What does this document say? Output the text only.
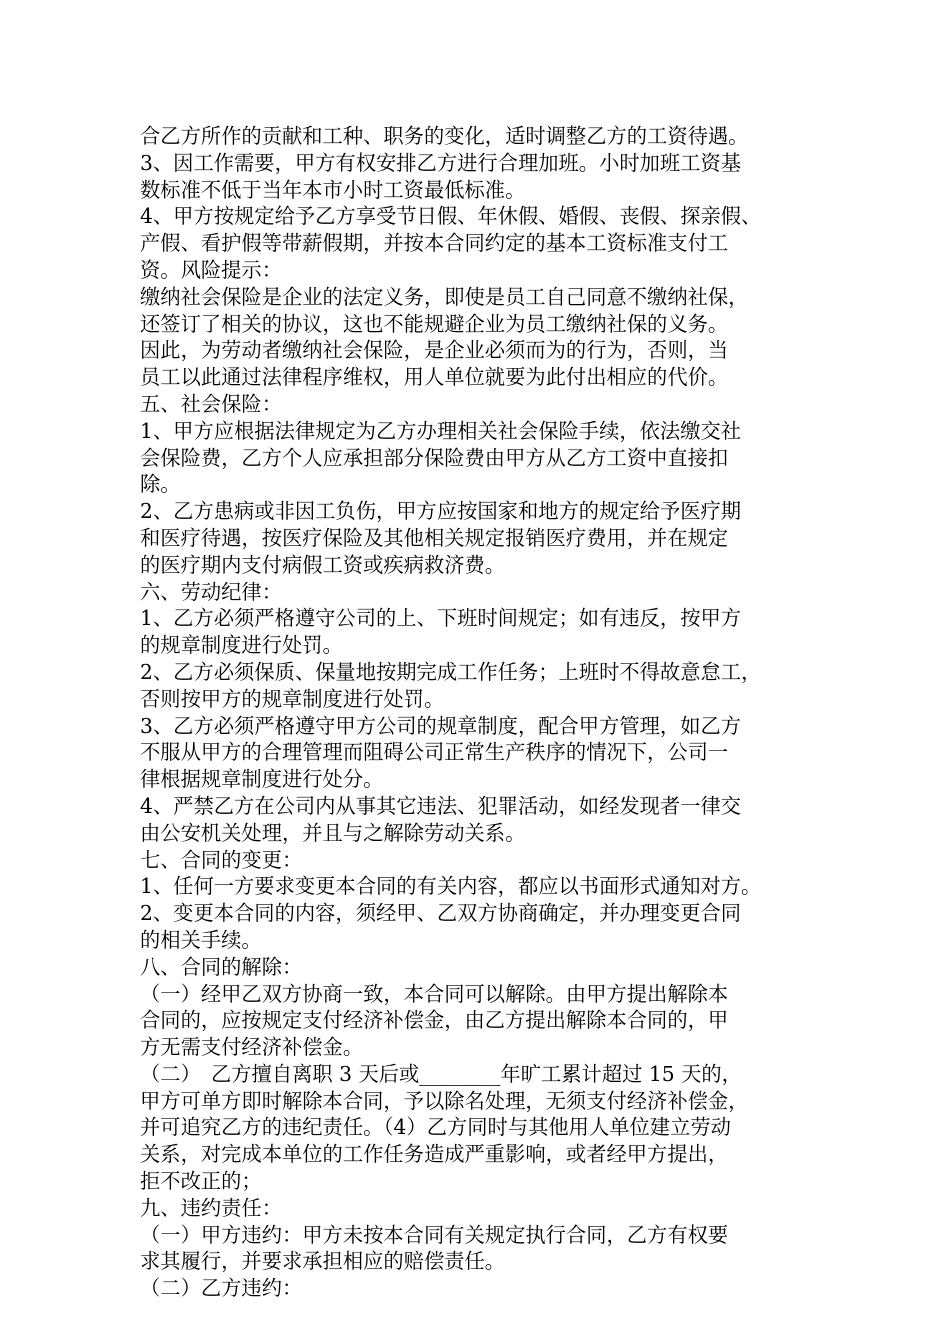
合乙方所作的贡献和工种、职务的变化，适时调整乙方的工资待遇。
3、因工作需要，甲方有权安排乙方进行合理加班。小时加班工资基
数标准不低于当年本市小时工资最低标准。
4、甲方按规定给予乙方享受节日假、年休假、婚假、丧假、探亲假、
产假、看护假等带薪假期，并按本合同约定的基本工资标准支付工
资。风险提示：
缴纳社会保险是企业的法定义务，即使是员工自己同意不缴纳社保，
还签订了相关的协议，这也不能规避企业为员工缴纳社保的义务。
因此，为劳动者缴纳社会保险，是企业必须而为的行为，否则，当
员工以此通过法律程序维权，用人单位就要为此付出相应的代价。
五、社会保险：
1、甲方应根据法律规定为乙方办理相关社会保险手续，依法缴交社
会保险费，乙方个人应承担部分保险费由甲方从乙方工资中直接扣
除。
2、乙方患病或非因工负伤，甲方应按国家和地方的规定给予医疗期
和医疗待遇，按医疗保险及其他相关规定报销医疗费用，并在规定
的医疗期内支付病假工资或疾病救济费。
六、劳动纪律：
1、乙方必须严格遵守公司的上、下班时间规定；如有违反，按甲方
的规章制度进行处罚。
2、乙方必须保质、保量地按期完成工作任务；上班时不得故意怠工，
否则按甲方的规章制度进行处罚。
3、乙方必须严格遵守甲方公司的规章制度，配合甲方管理，如乙方
不服从甲方的合理管理而阻碍公司正常生产秩序的情况下，公司一
律根据规章制度进行处分。
4、严禁乙方在公司内从事其它违法、犯罪活动，如经发现者一律交
由公安机关处理，并且与之解除劳动关系。
七、合同的变更：
1、任何一方要求变更本合同的有关内容，都应以书面形式通知对方。
2、变更本合同的内容，须经甲、乙双方协商确定，并办理变更合同
的相关手续。
八、合同的解除：
（一）经甲乙双方协商一致，本合同可以解除。由甲方提出解除本
合同的，应按规定支付经济补偿金，由乙方提出解除本合同的，甲
方无需支付经济补偿金。
（二）　乙方擅自离职 3 天后或________年旷工累计超过 15 天的，
甲方可单方即时解除本合同，予以除名处理，无须支付经济补偿金，
并可追究乙方的违纪责任。（4）乙方同时与其他用人单位建立劳动
关系，对完成本单位的工作任务造成严重影响，或者经甲方提出，
拒不改正的；
九、违约责任：
（一）甲方违约：甲方未按本合同有关规定执行合同，乙方有权要
求其履行，并要求承担相应的赔偿责任。
（二）乙方违约：
